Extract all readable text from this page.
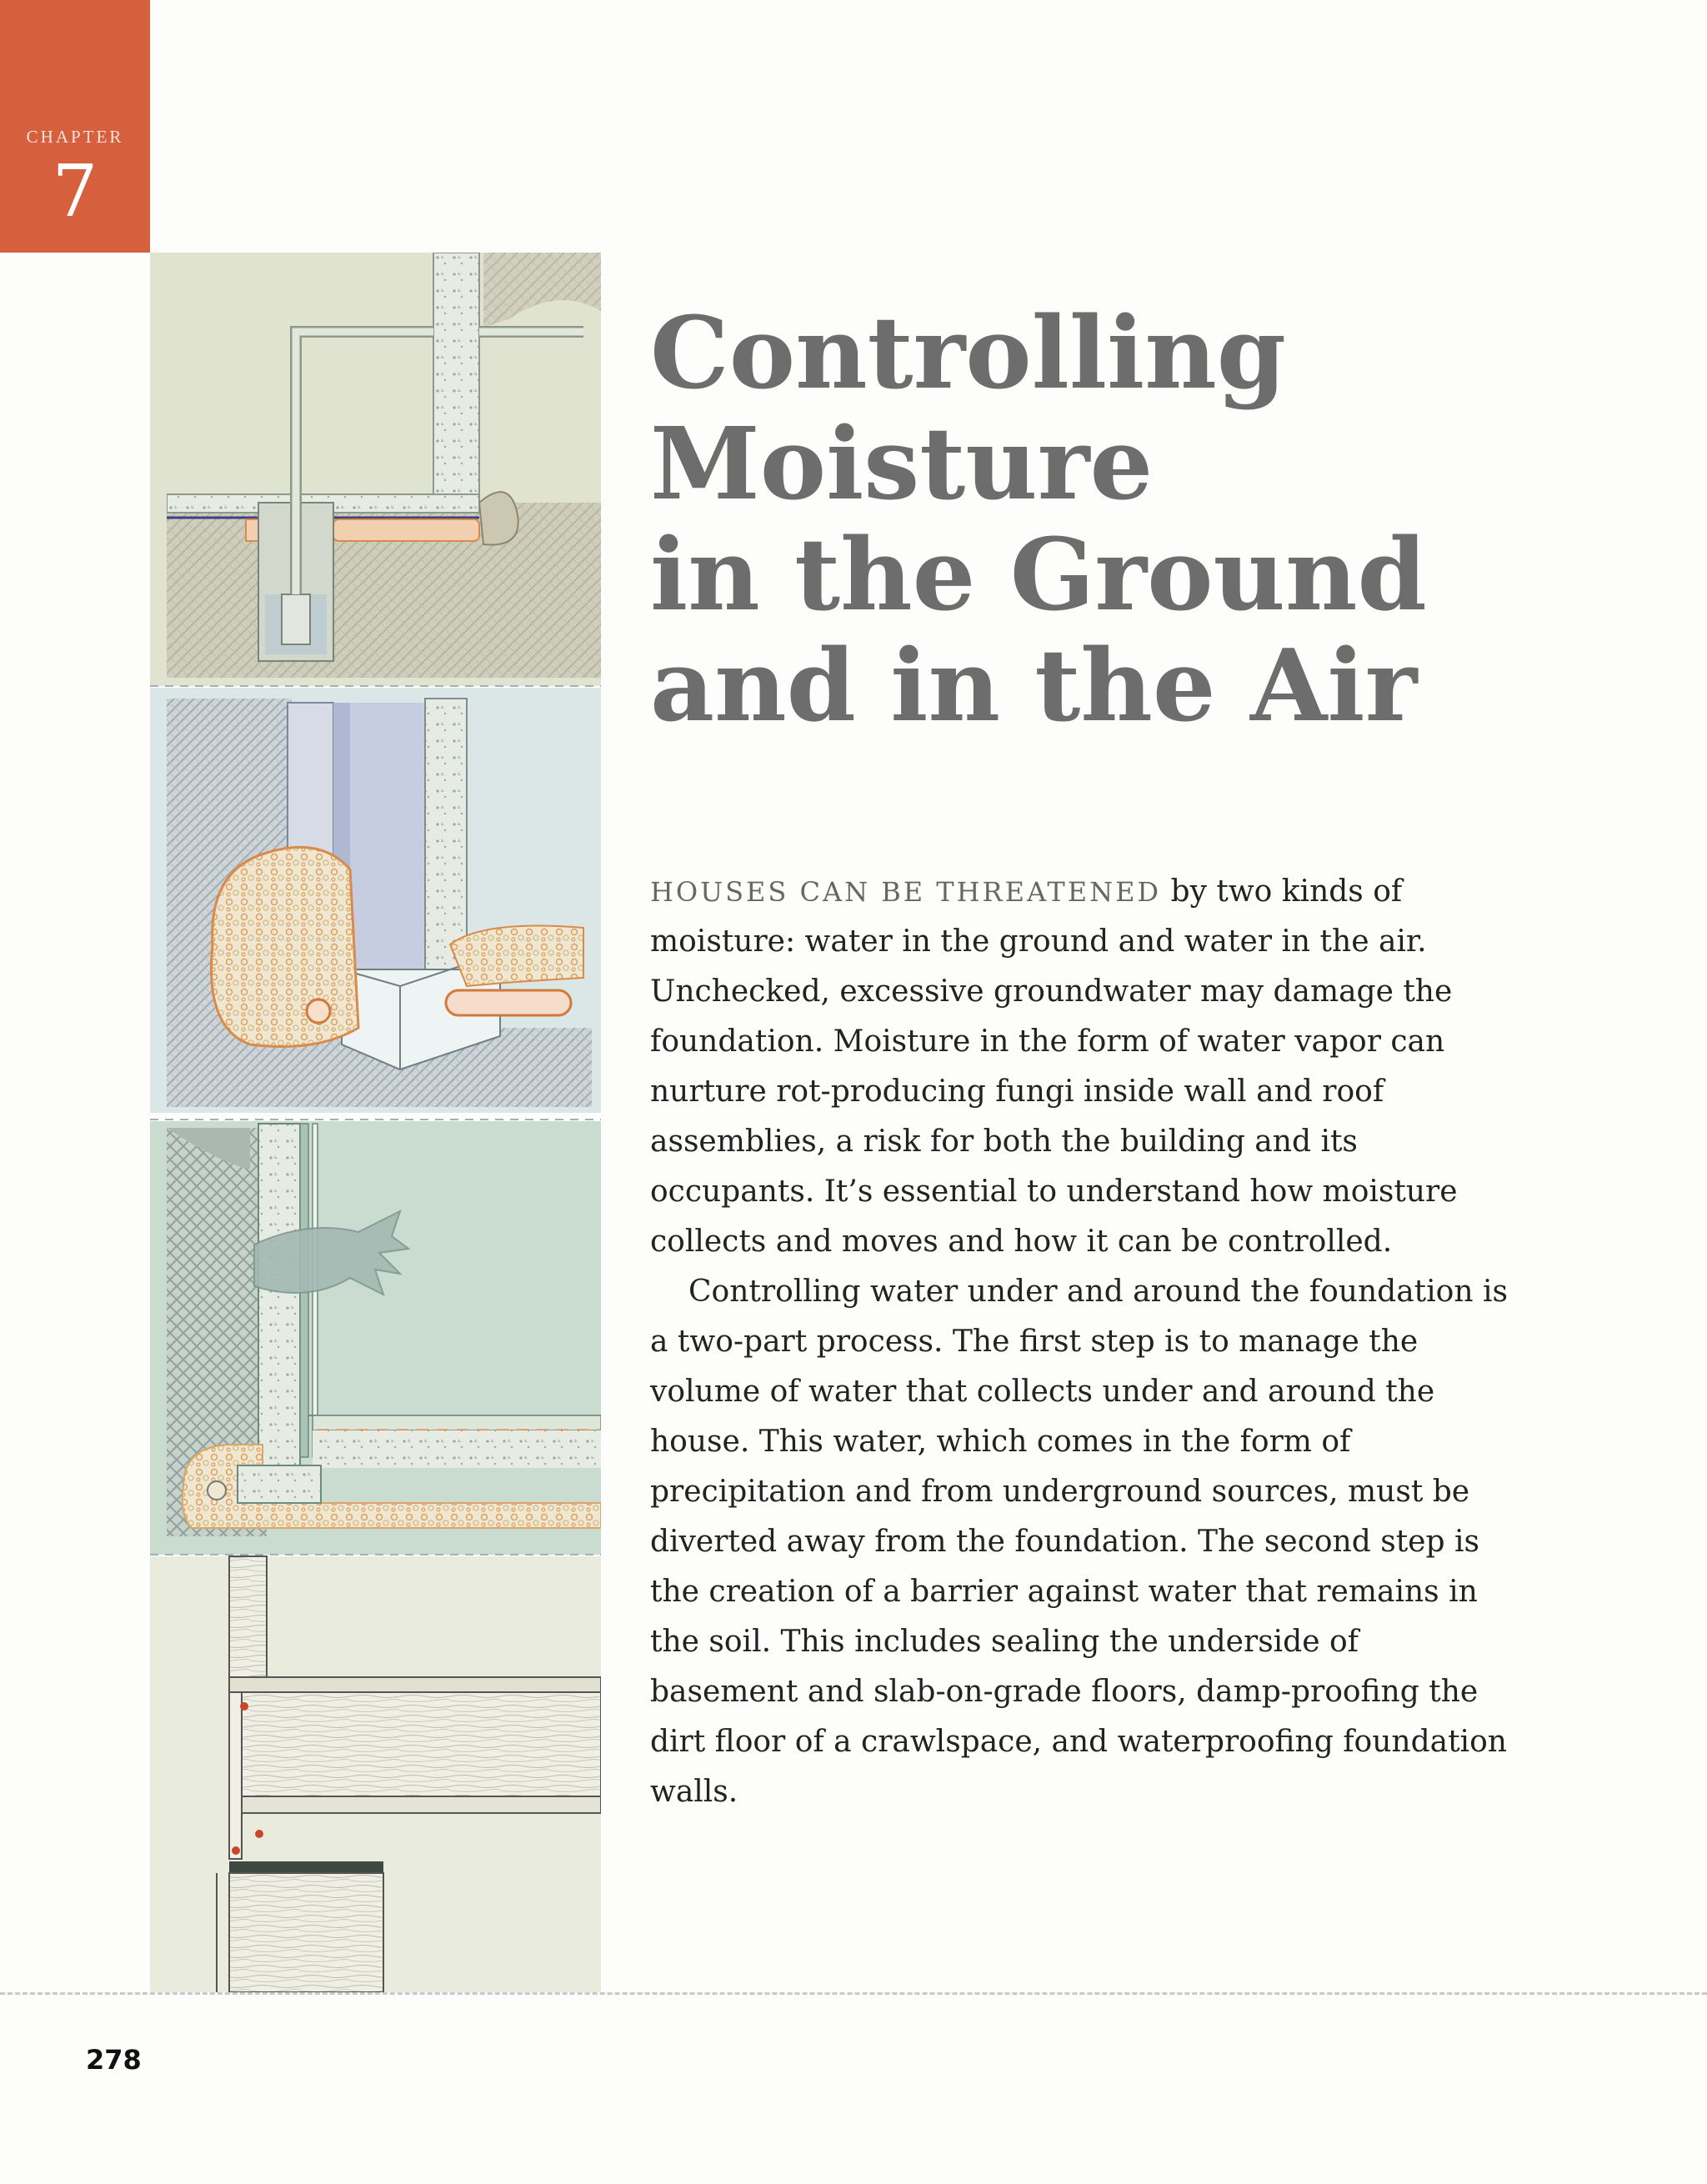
CHAPTER
7
Controlling
Moisture
in the Ground
and in the Air

HOUSES CAN BE THREATENED by two kinds of moisture: water in the ground and water in the air. Unchecked, excessive groundwater may damage the foundation. Moisture in the form of water vapor can nurture rot-producing fungi inside wall and roof assemblies, a risk for both the building and its occupants. It’s essential to understand how moisture collects and moves and how it can be controlled.

Controlling water under and around the foundation is a two-part process. The first step is to manage the volume of water that collects under and around the house. This water, which comes in the form of precipitation and from underground sources, must be diverted away from the foundation. The second step is the creation of a barrier against water that remains in the soil. This includes sealing the underside of basement and slab-on-grade floors, damp-proofing the dirt floor of a crawlspace, and waterproofing foundation walls.

278
